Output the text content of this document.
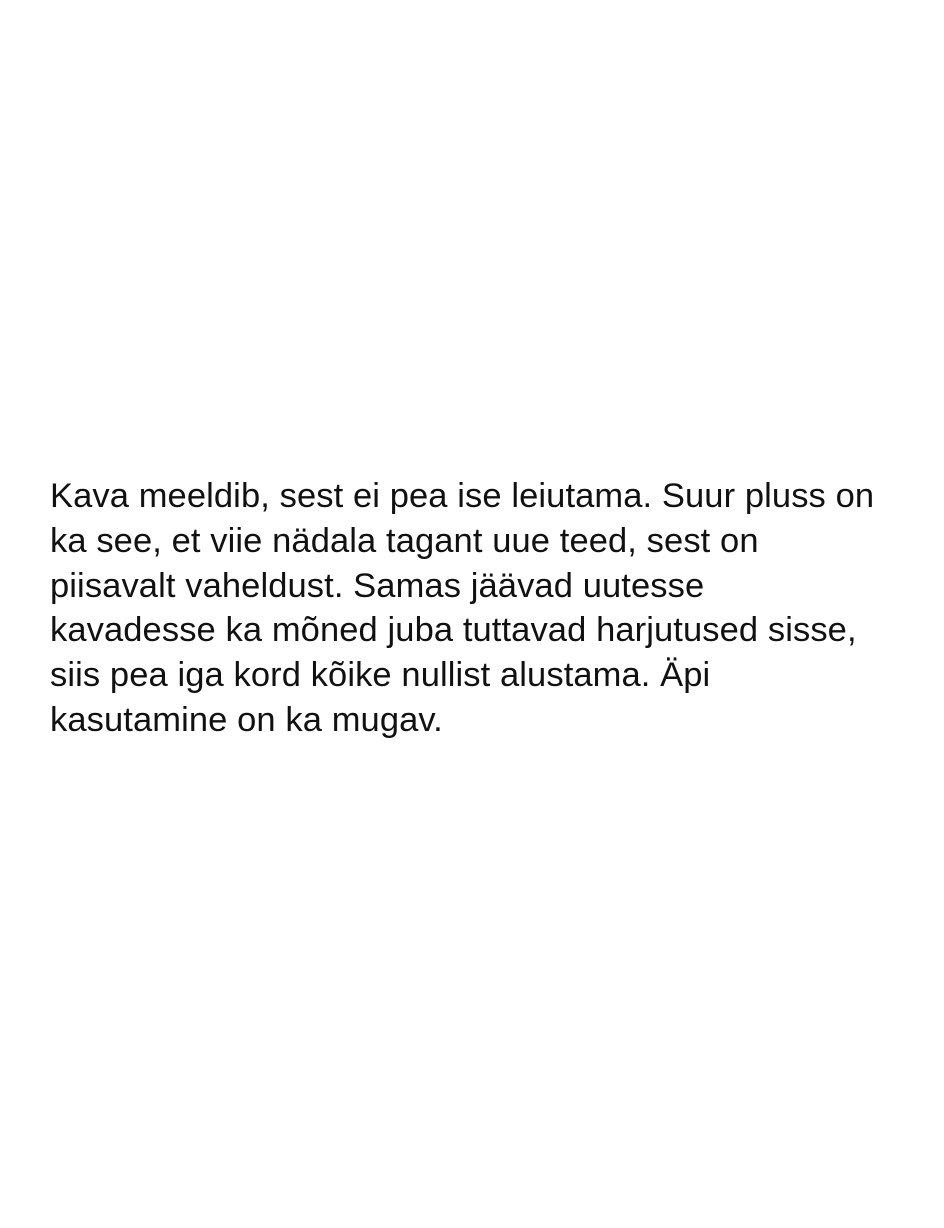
Kava meeldib, sest ei pea ise leiutama. Suur pluss on
ka see, et viie nädala tagant uue teed, sest on
piisavalt vaheldust. Samas jäävad uutesse
kavadesse ka mõned juba tuttavad harjutused sisse,
siis pea iga kord kõike nullist alustama. Äpi
kasutamine on ka mugav.
